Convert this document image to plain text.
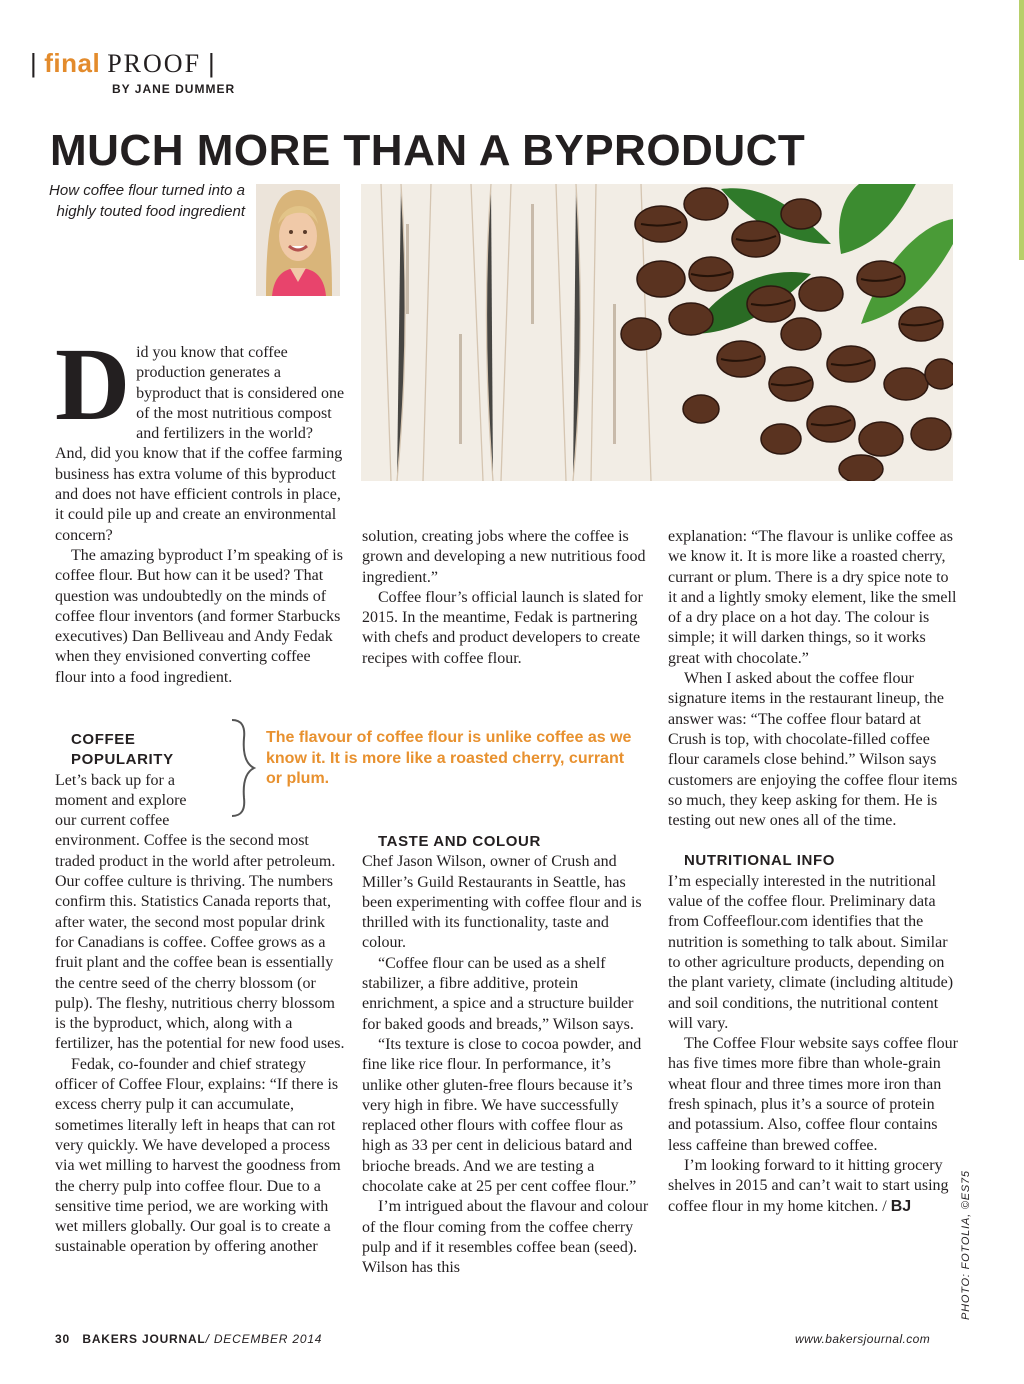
| final PROOF |
BY JANE DUMMER
MUCH MORE THAN A BYPRODUCT
How coffee flour turned into a highly touted food ingredient
D id you know that coffee production generates a byproduct that is considered one of the most nutritious compost and fertilizers in the world? And, did you know that if the coffee farming business has extra volume of this byproduct and does not have efficient controls in place, it could pile up and create an environmental concern?

The amazing byproduct I’m speaking of is coffee flour. But how can it be used? That question was undoubtedly on the minds of coffee flour inventors (and former Starbucks executives) Dan Belliveau and Andy Fedak when they envisioned converting coffee flour into a food ingredient.

COFFEE

POPULARITY

Let’s back up for a moment and explore our current coffee environment. Coffee is the second most traded product in the world after petroleum. Our coffee culture is thriving. The numbers confirm this. Statistics Canada reports that, after water, the second most popular drink for Canadians is coffee. Coffee grows as a fruit plant and the coffee bean is essentially the centre seed of the cherry blossom (or pulp). The fleshy, nutritious cherry blossom is the byproduct, which, along with a fertilizer, has the potential for new food uses.

Fedak, co-founder and chief strategy officer of Coffee Flour, explains: “If there is excess cherry pulp it can accumulate, sometimes literally left in heaps that can rot very quickly. We have developed a process via wet milling to harvest the goodness from the cherry pulp into coffee flour. Due to a sensitive time period, we are working with wet millers globally. Our goal is to create a sustainable operation by offering another

The flavour of coffee flour is unlike coffee as we know it. It is more like a roasted cherry, currant or plum.

solution, creating jobs where the coffee is grown and developing a new nutritious food ingredient.”

Coffee flour’s official launch is slated for 2015. In the meantime, Fedak is partnering with chefs and product developers to create recipes with coffee flour.

TASTE AND COLOUR

Chef Jason Wilson, owner of Crush and Miller’s Guild Restaurants in Seattle, has been experimenting with coffee flour and is thrilled with its functionality, taste and colour.

“Coffee flour can be used as a shelf stabilizer, a fibre additive, protein enrichment, a spice and a structure builder for baked goods and breads,” Wilson says.

“Its texture is close to cocoa powder, and fine like rice flour. In performance, it’s unlike other gluten-free flours because it’s very high in fibre. We have successfully replaced other flours with coffee flour as high as 33 per cent in delicious batard and brioche breads. And we are testing a chocolate cake at 25 per cent coffee flour.”

I’m intrigued about the flavour and colour of the flour coming from the coffee cherry pulp and if it resembles coffee bean (seed). Wilson has this

explanation: “The flavour is unlike coffee as we know it. It is more like a roasted cherry, currant or plum. There is a dry spice note to it and a lightly smoky element, like the smell of a dry place on a hot day. The colour is simple; it will darken things, so it works great with chocolate.”

When I asked about the coffee flour signature items in the restaurant lineup, the answer was: “The coffee flour batard at Crush is top, with chocolate-filled coffee flour caramels close behind.” Wilson says customers are enjoying the coffee flour items so much, they keep asking for them. He is testing out new ones all of the time.

NUTRITIONAL INFO

I’m especially interested in the nutritional value of the coffee flour. Preliminary data from Coffeeflour.com identifies that the nutrition is something to talk about. Similar to other agriculture products, depending on the plant variety, climate (including altitude) and soil conditions, the nutritional content will vary.

The Coffee Flour website says coffee flour has five times more fibre than whole-grain wheat flour and three times more iron than fresh spinach, plus it’s a source of protein and potassium. Also, coffee flour contains less caffeine than brewed coffee.

I’m looking forward to it hitting grocery shelves in 2015 and can’t wait to start using coffee flour in my home kitchen. / BJ

30 BAKERS JOURNAL/ DECEMBER 2014	www.bakersjournal.com
PHOTO: FOTOLIA, ©ES75
